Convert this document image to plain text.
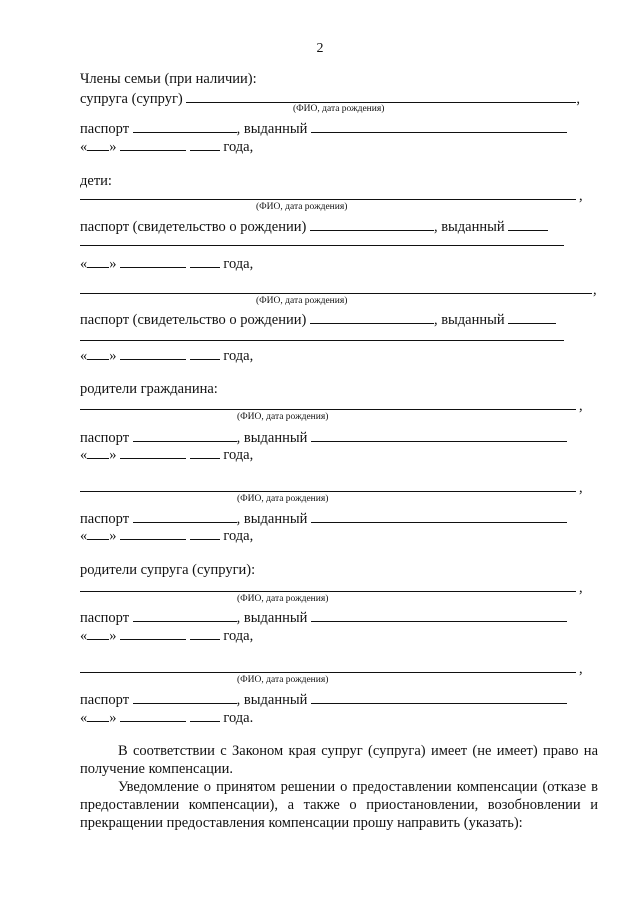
2
Члены семьи (при наличии):
супруга (супруг)	,
(ФИО, дата рождения)
паспорт	, выданный
« »	года,
дети:
,
(ФИО, дата рождения)
паспорт (свидетельство о рождении)	, выданный
« »	года,
,
(ФИО, дата рождения)
паспорт (свидетельство о рождении)	, выданный
« »	года,
родители гражданина:
,
(ФИО, дата рождения)
паспорт	, выданный
« »	года,
,
(ФИО, дата рождения)
паспорт	, выданный
« »	года,
родители супруга (супруги):
,
(ФИО, дата рождения)
паспорт	, выданный
« »	года,
,
(ФИО, дата рождения)
паспорт	, выданный
« »	года.
В соответствии с Законом края супруг (супруга) имеет (не имеет) право на получение компенсации.
Уведомление о принятом решении о предоставлении компенсации (отказе в предоставлении компенсации), а также о приостановлении, возобновлении и прекращении предоставления компенсации прошу направить (указать):
